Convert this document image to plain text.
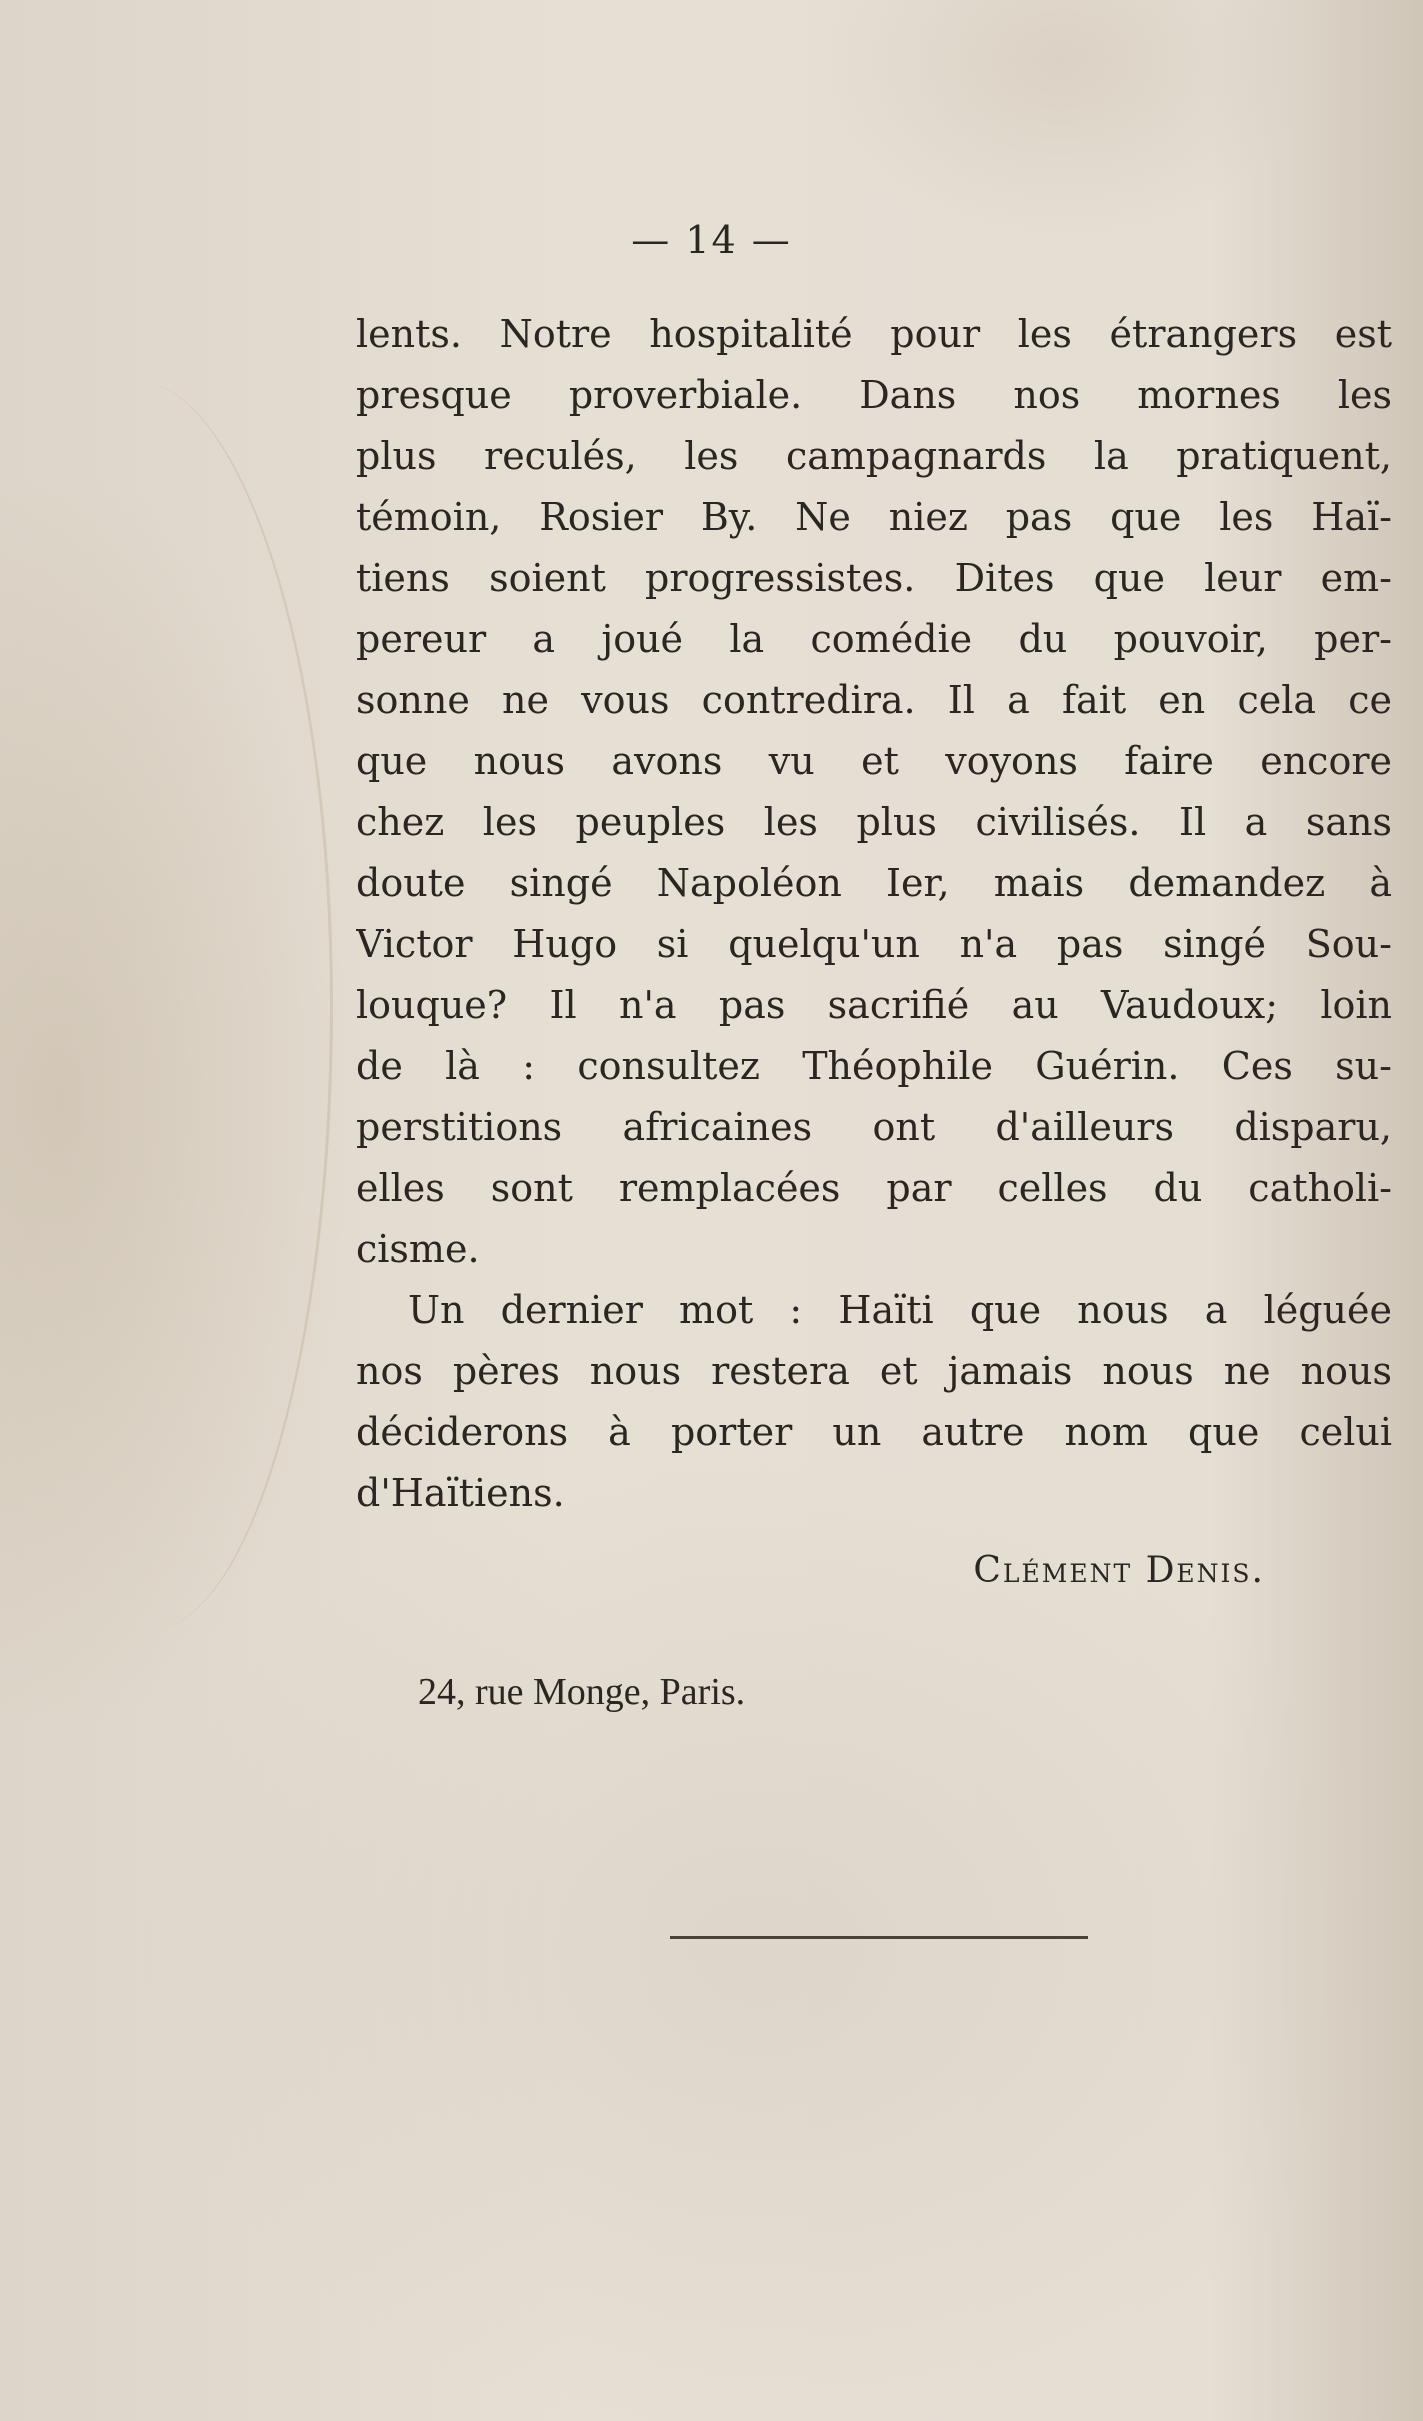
— 14 —
lents. Notre hospitalité pour les étrangers est
presque proverbiale. Dans nos mornes les
plus reculés, les campagnards la pratiquent,
témoin, Rosier By. Ne niez pas que les Haï-
tiens soient progressistes. Dites que leur em-
pereur a joué la comédie du pouvoir, per-
sonne ne vous contredira. Il a fait en cela ce
que nous avons vu et voyons faire encore
chez les peuples les plus civilisés. Il a sans
doute singé Napoléon Ier, mais demandez à
Victor Hugo si quelqu'un n'a pas singé Sou-
louque? Il n'a pas sacrifié au Vaudoux; loin
de là : consultez Théophile Guérin. Ces su-
perstitions africaines ont d'ailleurs disparu,
elles sont remplacées par celles du catholi-
cisme.
Un dernier mot : Haïti que nous a léguée
nos pères nous restera et jamais nous ne nous
déciderons à porter un autre nom que celui
d'Haïtiens.
Clément Denis.
24, rue Monge, Paris.
